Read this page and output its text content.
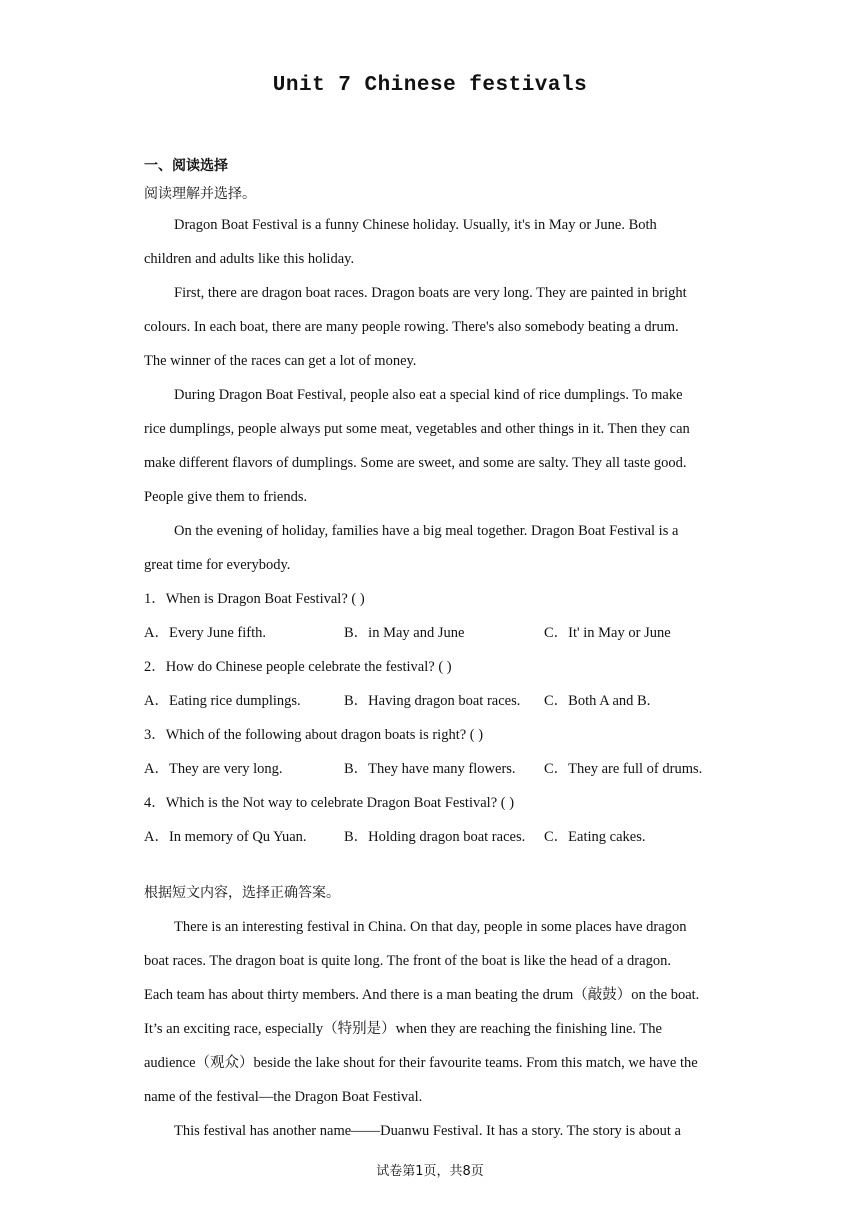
Unit 7 Chinese festivals
一、阅读选择
阅读理解并选择。
Dragon Boat Festival is a funny Chinese holiday. Usually, it's in May or June. Both
children and adults like this holiday.
First, there are dragon boat races. Dragon boats are very long. They are painted in bright
colours. In each boat, there are many people rowing. There's also somebody beating a drum.
The winner of the races can get a lot of money.
During Dragon Boat Festival, people also eat a special kind of rice dumplings. To make
rice dumplings, people always put some meat, vegetables and other things in it. Then they can
make different flavors of dumplings. Some are sweet, and some are salty. They all taste good.
People give them to friends.
On the evening of holiday, families have a big meal together. Dragon Boat Festival is a
great time for everybody.
1．When is Dragon Boat Festival? ( )
A．Every June fifth.	B．in May and June	C．It' in May or June
2．How do Chinese people celebrate the festival? ( )
A．Eating rice dumplings.	B．Having dragon boat races.	C．Both A and B.
3．Which of the following about dragon boats is right? ( )
A．They are very long.	B．They have many flowers.	C．They are full of drums.
4．Which is the Not way to celebrate Dragon Boat Festival? ( )
A．In memory of Qu Yuan.	B．Holding dragon boat races.	C．Eating cakes.
根据短文内容，选择正确答案。
There is an interesting festival in China. On that day, people in some places have dragon
boat races. The dragon boat is quite long. The front of the boat is like the head of a dragon.
Each team has about thirty members. And there is a man beating the drum（敲鼓）on the boat.
It’s an exciting race, especially（特别是）when they are reaching the finishing line. The
audience（观众）beside the lake shout for their favourite teams. From this match, we have the
name of the festival—the Dragon Boat Festival.
This festival has another name——Duanwu Festival. It has a story. The story is about a
试卷第1页，共8页
